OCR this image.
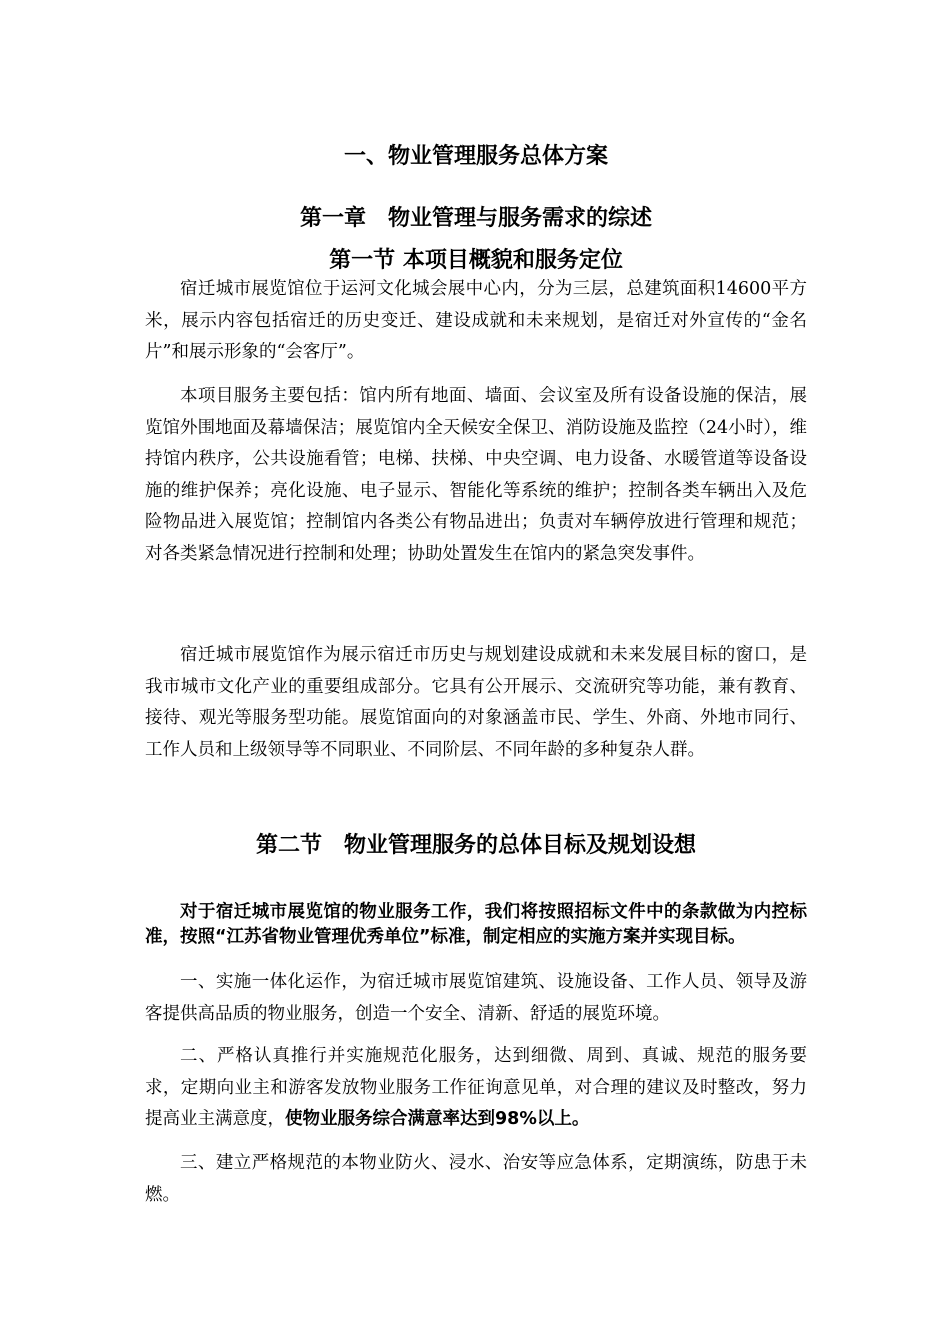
一、物业管理服务总体方案
第一章　物业管理与服务需求的综述
第一节 本项目概貌和服务定位

宿迁城市展览馆位于运河文化城会展中心内，分为三层，总建筑面积14600平方米，展示内容包括宿迁的历史变迁、建设成就和未来规划，是宿迁对外宣传的“金名片”和展示形象的“会客厅”。

本项目服务主要包括：馆内所有地面、墙面、会议室及所有设备设施的保洁，展览馆外围地面及幕墙保洁；展览馆内全天候安全保卫、消防设施及监控（24小时），维持馆内秩序，公共设施看管；电梯、扶梯、中央空调、电力设备、水暖管道等设备设施的维护保养；亮化设施、电子显示、智能化等系统的维护；控制各类车辆出入及危险物品进入展览馆；控制馆内各类公有物品进出；负责对车辆停放进行管理和规范；对各类紧急情况进行控制和处理；协助处置发生在馆内的紧急突发事件。

宿迁城市展览馆作为展示宿迁市历史与规划建设成就和未来发展目标的窗口，是我市城市文化产业的重要组成部分。它具有公开展示、交流研究等功能，兼有教育、接待、观光等服务型功能。展览馆面向的对象涵盖市民、学生、外商、外地市同行、工作人员和上级领导等不同职业、不同阶层、不同年龄的多种复杂人群。

第二节　物业管理服务的总体目标及规划设想

对于宿迁城市展览馆的物业服务工作，我们将按照招标文件中的条款做为内控标准，按照“江苏省物业管理优秀单位”标准，制定相应的实施方案并实现目标。

一、实施一体化运作，为宿迁城市展览馆建筑、设施设备、工作人员、领导及游客提供高品质的物业服务，创造一个安全、清新、舒适的展览环境。

二、严格认真推行并实施规范化服务，达到细微、周到、真诚、规范的服务要求，定期向业主和游客发放物业服务工作征询意见单，对合理的建议及时整改，努力提高业主满意度，使物业服务综合满意率达到98%以上。

三、建立严格规范的本物业防火、浸水、治安等应急体系，定期演练，防患于未燃。
